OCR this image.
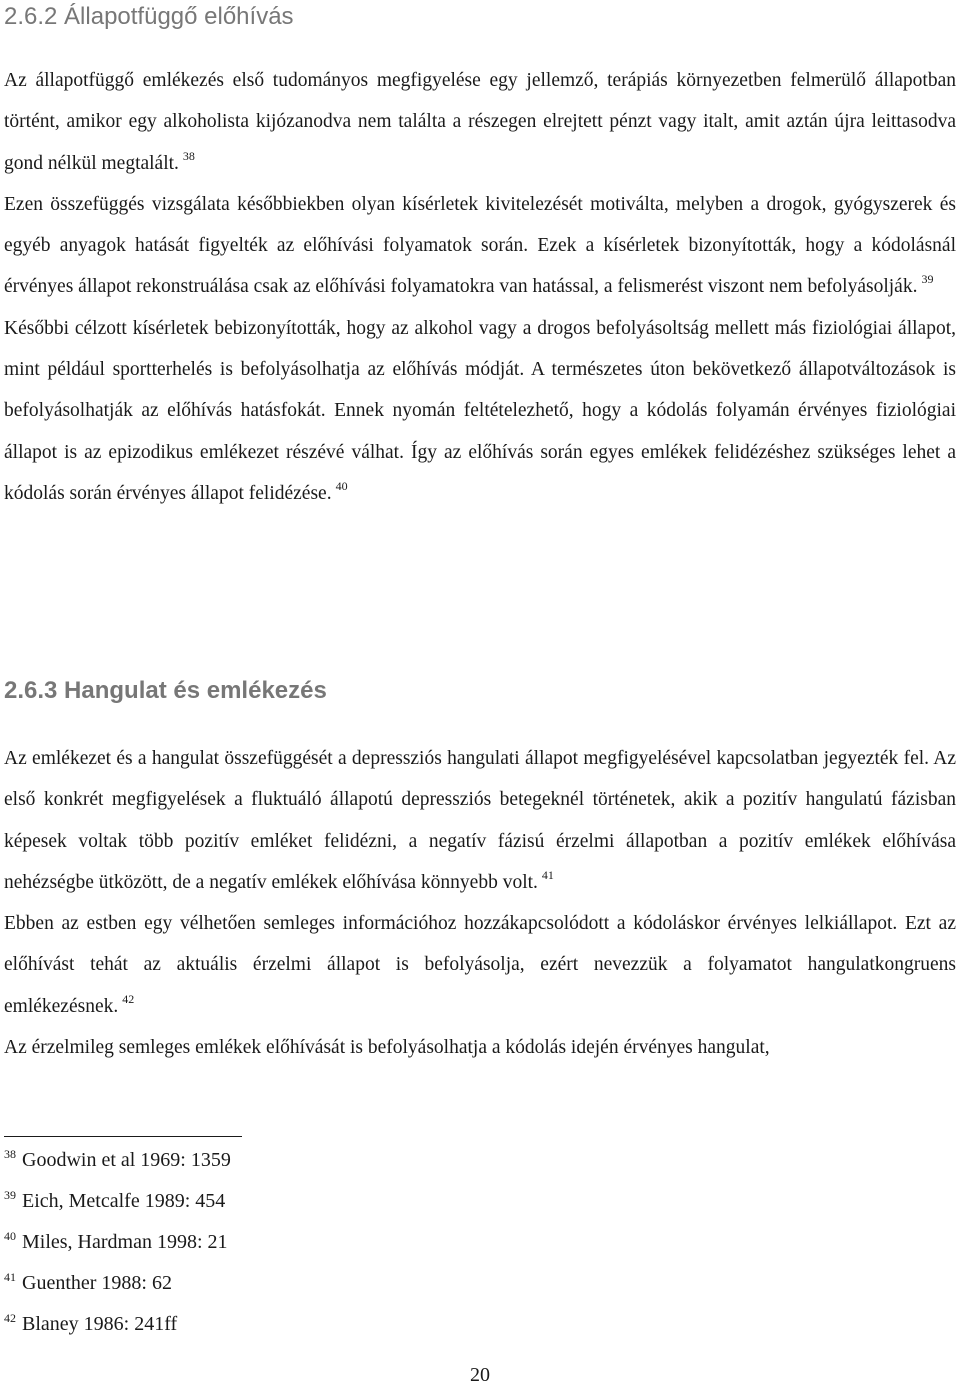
2.6.2 Állapotfüggő előhívás

Az állapotfüggő emlékezés első tudományos megfigyelése egy jellemző, terápiás környezetben felmerülő állapotban történt, amikor egy alkoholista kijózanodva nem találta a részegen elrejtett pénzt vagy italt, amit aztán újra leittasodva gond nélkül megtalált. $^{38}$
Ezen összefüggés vizsgálata későbbiekben olyan kísérletek kivitelezését motiválta, melyben a drogok, gyógyszerek és egyéb anyagok hatását figyelték az előhívási folyamatok során. Ezek a kísérletek bizonyították, hogy a kódolásnál érvényes állapot rekonstruálása csak az előhívási folyamatokra van hatással, a felismerést viszont nem befolyásolják. $^{39}$
Későbbi célzott kísérletek bebizonyították, hogy az alkohol vagy a drogos befolyásoltság mellett más fiziológiai állapot, mint például sportterhelés is befolyásolhatja az előhívás módját. A természetes úton bekövetkező állapotváltozások is befolyásolhatják az előhívás hatásfokát. Ennek nyomán feltételezhető, hogy a kódolás folyamán érvényes fiziológiai állapot is az epizodikus emlékezet részévé válhat. Így az előhívás során egyes emlékek felidézéshez szükséges lehet a kódolás során érvényes állapot felidézése. $^{40}$

2.6.3 Hangulat és emlékezés

Az emlékezet és a hangulat összefüggését a depressziós hangulati állapot megfigyelésével kapcsolatban jegyezték fel. Az első konkrét megfigyelések a fluktuáló állapotú depressziós betegeknél történetek, akik a pozitív hangulatú fázisban képesek voltak több pozitív emléket felidézni, a negatív fázisú érzelmi állapotban a pozitív emlékek előhívása nehézségbe ütközött, de a negatív emlékek előhívása könnyebb volt. $^{41}$
Ebben az estben egy vélhetően semleges információhoz hozzákapcsolódott a kódoláskor érvényes lelkiállapot. Ezt az előhívást tehát az aktuális érzelmi állapot is befolyásolja, ezért nevezzük a folyamatot hangulatkongruens emlékezésnek. $^{42}$
Az érzelmileg semleges emlékek előhívását is befolyásolhatja a kódolás idején érvényes hangulat,

$^{38}$ Goodwin et al 1969: 1359
$^{39}$ Eich, Metcalfe 1989: 454
$^{40}$ Miles, Hardman 1998: 21
$^{41}$ Guenther 1988: 62
$^{42}$ Blaney 1986: 241ff
20
